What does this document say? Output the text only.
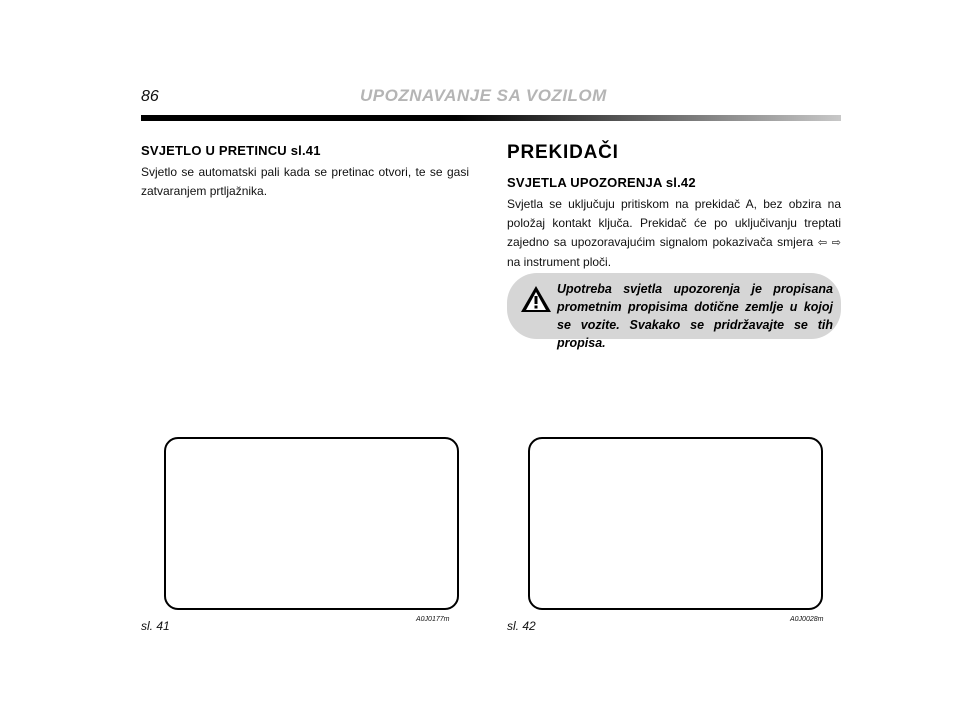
86	UPOZNAVANJE SA VOZILOM
SVJETLO U PRETINCU sl.41
Svjetlo se automatski pali kada se pretinac otvori, te se gasi zatvaranjem prtljažnika.
PREKIDAČI
SVJETLA UPOZORENJA sl.42
Svjetla se uključuju pritiskom na prekidač A, bez obzira na položaj kontakt ključa. Prekidač će po uključivanju treptati zajedno sa upozoravajućim signalom pokazivača smjera ⇦ ⇨ na instrument ploči.
Upotreba svjetla upozorenja je propisana prometnim propisima dotične zemlje u kojoj se vozite. Svakako se pridržavajte se tih propisa.
sl. 41	A0J0177m	sl. 42	A0J0028m
